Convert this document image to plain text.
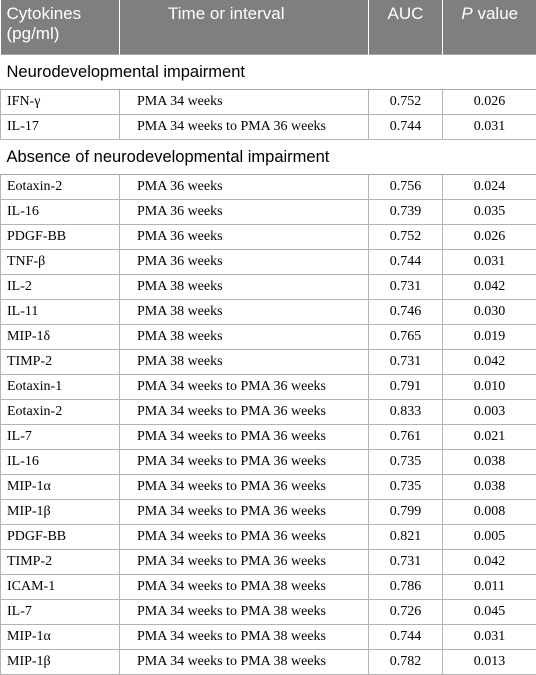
Cytokines (pg/ml)	Time or interval	AUC	P value
Neurodevelopmental impairment			
IFN-γ	PMA 34 weeks	0.752	0.026
IL-17	PMA 34 weeks to PMA 36 weeks	0.744	0.031
Absence of neurodevelopmental impairment			
Eotaxin-2	PMA 36 weeks	0.756	0.024
IL-16	PMA 36 weeks	0.739	0.035
PDGF-BB	PMA 36 weeks	0.752	0.026
TNF-β	PMA 36 weeks	0.744	0.031
IL-2	PMA 38 weeks	0.731	0.042
IL-11	PMA 38 weeks	0.746	0.030
MIP-1δ	PMA 38 weeks	0.765	0.019
TIMP-2	PMA 38 weeks	0.731	0.042
Eotaxin-1	PMA 34 weeks to PMA 36 weeks	0.791	0.010
Eotaxin-2	PMA 34 weeks to PMA 36 weeks	0.833	0.003
IL-7	PMA 34 weeks to PMA 36 weeks	0.761	0.021
IL-16	PMA 34 weeks to PMA 36 weeks	0.735	0.038
MIP-1α	PMA 34 weeks to PMA 36 weeks	0.735	0.038
MIP-1β	PMA 34 weeks to PMA 36 weeks	0.799	0.008
PDGF-BB	PMA 34 weeks to PMA 36 weeks	0.821	0.005
TIMP-2	PMA 34 weeks to PMA 36 weeks	0.731	0.042
ICAM-1	PMA 34 weeks to PMA 38 weeks	0.786	0.011
IL-7	PMA 34 weeks to PMA 38 weeks	0.726	0.045
MIP-1α	PMA 34 weeks to PMA 38 weeks	0.744	0.031
MIP-1β	PMA 34 weeks to PMA 38 weeks	0.782	0.013
